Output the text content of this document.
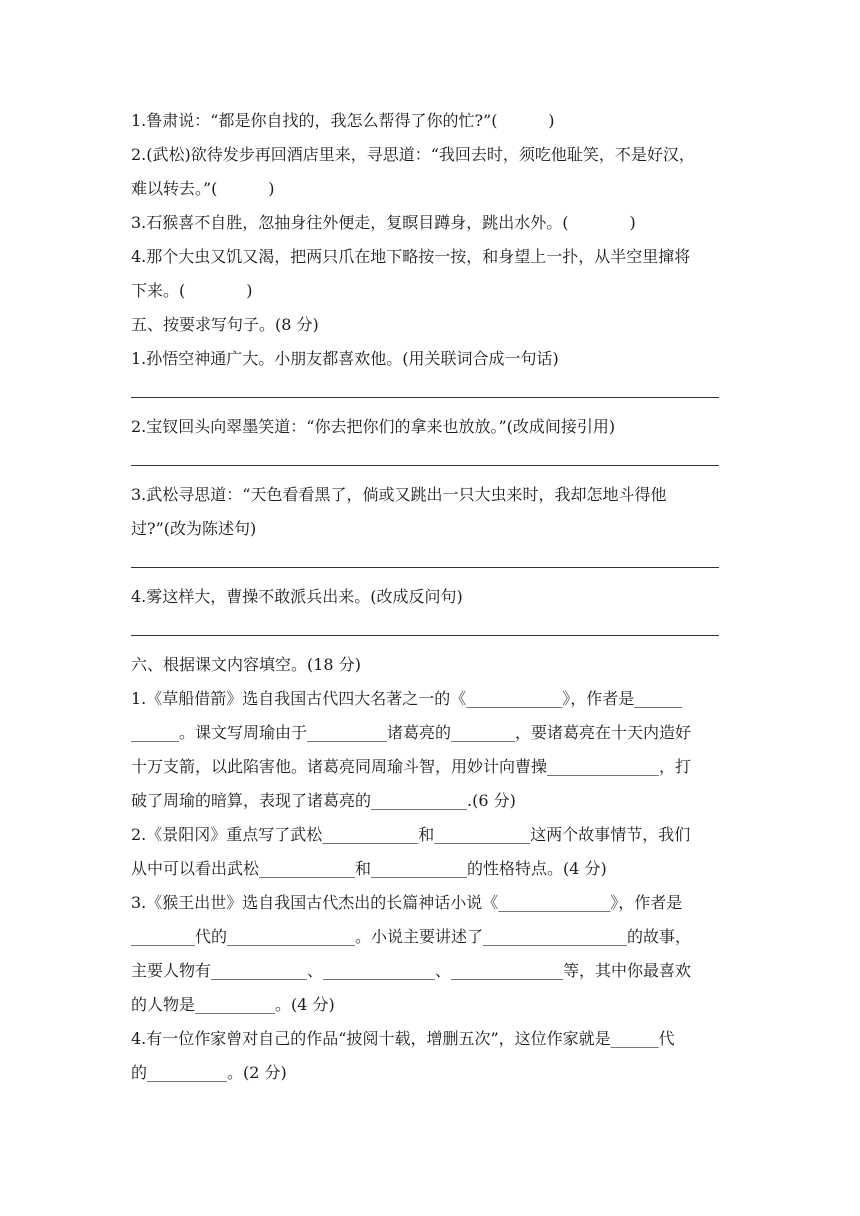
1.鲁肃说：“都是你自找的，我怎么帮得了你的忙?”(          )

2.(武松)欲待发步再回酒店里来，寻思道：“我回去时，须吃他耻笑，不是好汉，

难以转去。”(          )

3.石猴喜不自胜，忽抽身往外便走，复瞑目蹲身，跳出水外。(            )

4.那个大虫又饥又渴，把两只爪在地下略按一按，和身望上一扑，从半空里撺将

下来。(            )

五、按要求写句子。(8 分)

1.孙悟空神通广大。小朋友都喜欢他。(用关联词合成一句话)

2.宝钗回头向翠墨笑道：“你去把你们的拿来也放放。”(改成间接引用)

3.武松寻思道：“天色看看黑了，倘或又跳出一只大虫来时，我却怎地斗得他

过?”(改为陈述句)

4.雾这样大，曹操不敢派兵出来。(改成反问句)

六、根据课文内容填空。(18 分)

1.《草船借箭》选自我国古代四大名著之一的《____________》，作者是______

______。课文写周瑜由于__________诸葛亮的________，要诸葛亮在十天内造好

十万支箭，以此陷害他。诸葛亮同周瑜斗智，用妙计向曹操______________，打

破了周瑜的暗算，表现了诸葛亮的____________.(6 分)

2.《景阳冈》重点写了武松____________和____________这两个故事情节，我们

从中可以看出武松____________和____________的性格特点。(4 分)

3.《猴王出世》选自我国古代杰出的长篇神话小说《______________》，作者是

________代的________________。小说主要讲述了__________________的故事，

主要人物有____________、______________、______________等，其中你最喜欢

的人物是__________。(4 分)

4.有一位作家曾对自己的作品“披阅十载，增删五次”，这位作家就是______代

的__________。(2 分)
